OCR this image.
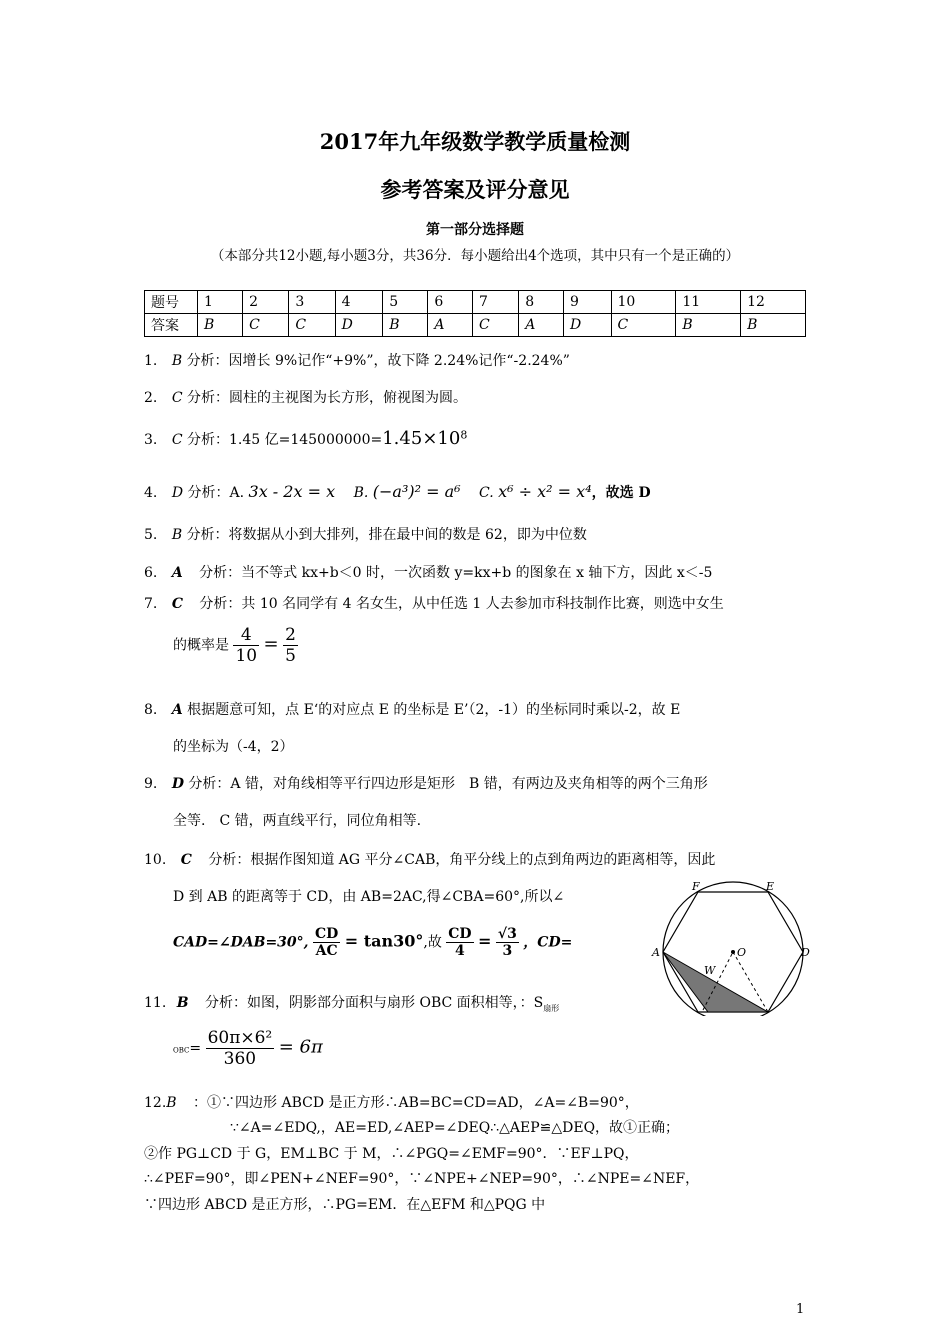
2017年九年级数学教学质量检测
参考答案及评分意见
第一部分选择题
（本部分共12小题,每小题3分，共36分．每小题给出4个选项，其中只有一个是正确的）
题号	1	2	3	4	5	6	7	8	9	10	11	12
答案	B	C	C	D	B	A	C	A	D	C	B	B
1. B 分析：因增长 9%记作“+9%”，故下降 2.24%记作“-2.24%”
2. C 分析：圆柱的主视图为长方形，俯视图为圆。
3. C 分析：1.45 亿$=145000000=1.45\times 10^8$
4. D 分析：A. 3x - 2x = x B. (−a³)² = a⁶ C. x⁶ ÷ x² = x⁴，故选 D
5. B 分析：将数据从小到大排列，排在最中间的数是 62，即为中位数
6. A 分析：当不等式 kx+b＜0 时，一次函数 y=kx+b 的图象在 x 轴下方，因此 x＜-5
7. C 分析：共 10 名同学有 4 名女生，从中任选 1 人去参加市科技制作比赛，则选中女生
的概率是 $\frac{4}{10} = \frac{2}{5}$
8. A 根据题意可知，点 E‘的对应点 E 的坐标是 E’（2，-1）的坐标同时乘以-2，故 E
的坐标为（-4，2）
9. D 分析：A 错，对角线相等平行四边形是矩形　B 错，有两边及夹角相等的两个三角形
全等.　C 错，两直线平行，同位角相等.
10. C 分析：根据作图知道 AG 平分∠CAB，角平分线上的点到角两边的距离相等，因此
D 到 AB 的距离等于 CD，由 AB=2AC,得∠CBA=60°,所以∠
CAD=∠DAB=30°, $\frac{CD}{AC} = \tan 30^\circ$,故 $\frac{CD}{4} = \frac{√3}{3}$ ，CD=
F	E
A	O	D
W
11. B 分析：如图，阴影部分面积与扇形 OBC 面积相等，：$S_{扇形}$
$OBC= \frac{\text{60π×6²}}{360} = 6\pi$
12.B ：①∵四边形 ABCD 是正方形∴AB=BC=CD=AD，∠A=∠B=90°，
∵∠A=∠EDQ,，AE=ED,∠AEP=∠DEQ∴△AEP≌△DEQ，故①正确；
②作 PG⊥CD 于 G，EM⊥BC 于 M，∴∠PGQ=∠EMF=90°．∵EF⊥PQ，
∴∠PEF=90°，即∠PEN+∠NEF=90°，∵∠NPE+∠NEP=90°，∴∠NPE=∠NEF，
∵四边形 ABCD 是正方形，∴PG=EM．在△EFM 和△PQG 中
1
